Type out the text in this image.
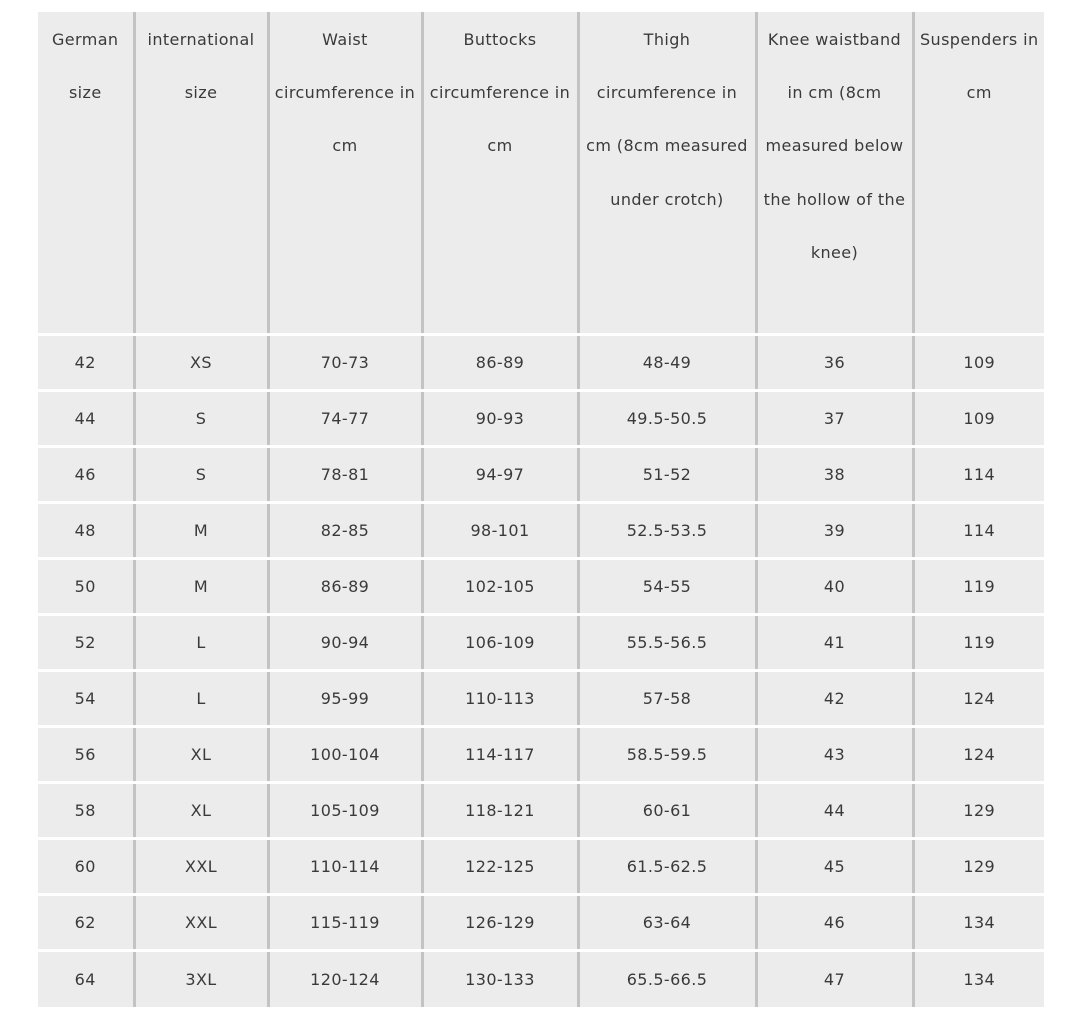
German size	international size	Waist circumference in cm	Buttocks circumference in cm	Thigh circumference in cm (8cm measured under crotch)	Knee waistband in cm (8cm measured below the hollow of the knee)	Suspenders in cm
42	XS	70-73	86-89	48-49	36	109
44	S	74-77	90-93	49.5-50.5	37	109
46	S	78-81	94-97	51-52	38	114
48	M	82-85	98-101	52.5-53.5	39	114
50	M	86-89	102-105	54-55	40	119
52	L	90-94	106-109	55.5-56.5	41	119
54	L	95-99	110-113	57-58	42	124
56	XL	100-104	114-117	58.5-59.5	43	124
58	XL	105-109	118-121	60-61	44	129
60	XXL	110-114	122-125	61.5-62.5	45	129
62	XXL	115-119	126-129	63-64	46	134
64	3XL	120-124	130-133	65.5-66.5	47	134
